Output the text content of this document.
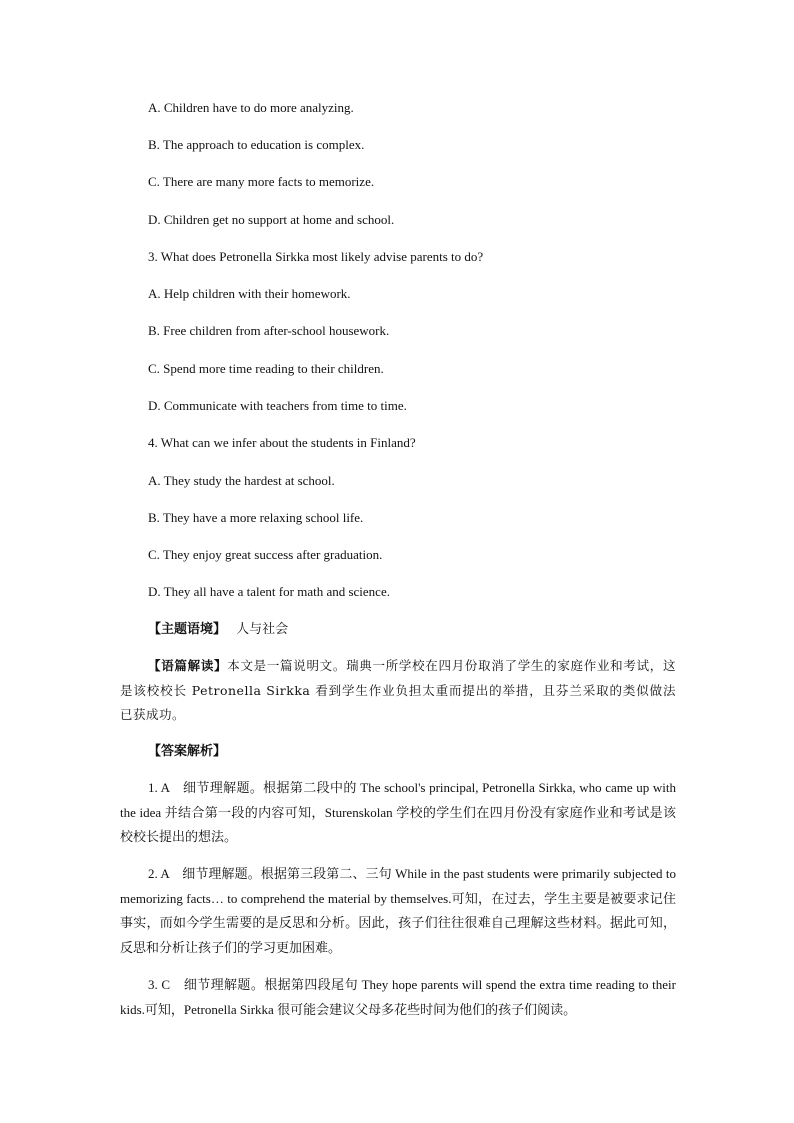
A. Children have to do more analyzing.
B. The approach to education is complex.
C. There are many more facts to memorize.
D. Children get no support at home and school.
3. What does Petronella Sirkka most likely advise parents to do?
A. Help children with their homework.
B. Free children from after-school housework.
C. Spend more time reading to their children.
D. Communicate with teachers from time to time.
4. What can we infer about the students in Finland?
A. They study the hardest at school.
B. They have a more relaxing school life.
C. They enjoy great success after graduation.
D. They all have a talent for math and science.
【主题语境】 人与社会
【语篇解读】本文是一篇说明文。瑞典一所学校在四月份取消了学生的家庭作业和考试，这是该校校长 Petronella Sirkka 看到学生作业负担太重而提出的举措，且芬兰采取的类似做法已获成功。
【答案解析】
1. A　细节理解题。根据第二段中的 The school's principal, Petronella Sirkka, who came up with the idea 并结合第一段的内容可知，Sturenskolan 学校的学生们在四月份没有家庭作业和考试是该校校长提出的想法。
2. A　细节理解题。根据第三段第二、三句 While in the past students were primarily subjected to memorizing facts… to comprehend the material by themselves.可知，在过去，学生主要是被要求记住事实，而如今学生需要的是反思和分析。因此，孩子们往往很难自己理解这些材料。据此可知，反思和分析让孩子们的学习更加困难。
3. C　细节理解题。根据第四段尾句 They hope parents will spend the extra time reading to their kids.可知，Petronella Sirkka 很可能会建议父母多花些时间为他们的孩子们阅读。
